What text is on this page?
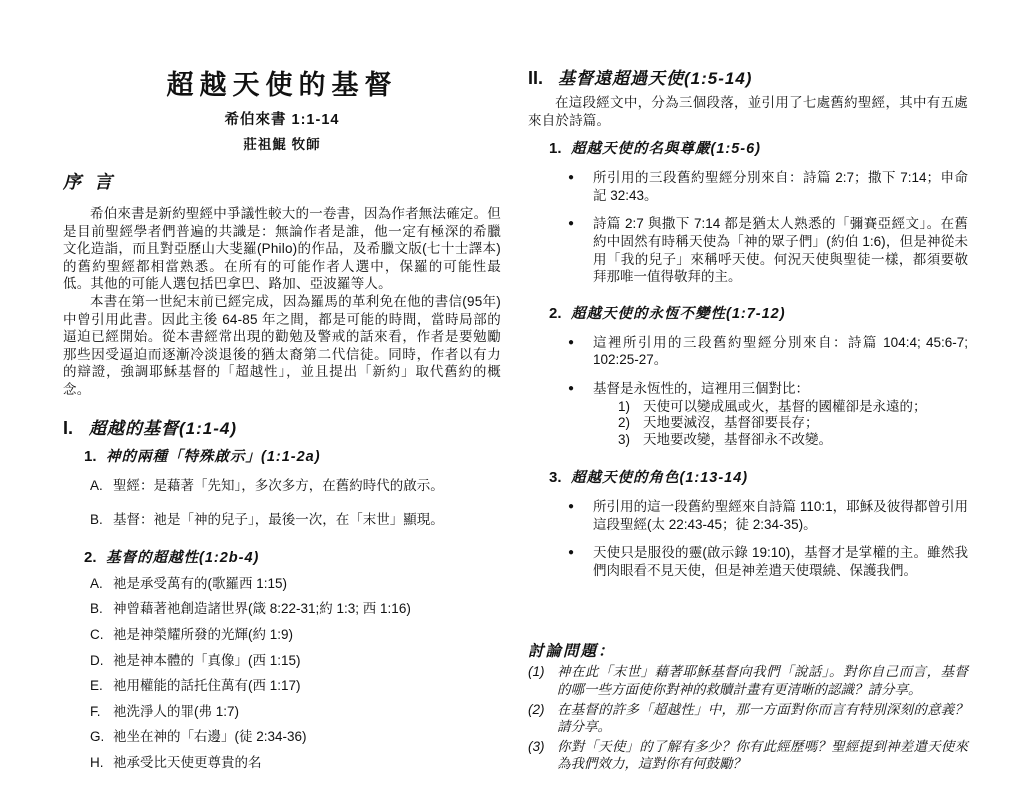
超越天使的基督
希伯來書 1:1-14
莊祖鯤 牧師
序 言

希伯來書是新約聖經中爭議性較大的一卷書，因為作者無法確定。但是目前聖經學者們普遍的共識是：無論作者是誰，他一定有極深的希臘文化造詣，而且對亞歷山大斐羅(Philo)的作品，及希臘文版(七十士譯本)的舊約聖經都相當熟悉。在所有的可能作者人選中，保羅的可能性最低。其他的可能人選包括巴拿巴、路加、亞波羅等人。

本書在第一世紀末前已經完成，因為羅馬的革利免在他的書信(95年)中曾引用此書。因此主後 64-85 年之間，都是可能的時間，當時局部的逼迫已經開始。從本書經常出現的勸勉及警戒的話來看，作者是要勉勵那些因受逼迫而逐漸冷淡退後的猶太裔第二代信徒。同時，作者以有力的辯證，強調耶穌基督的「超越性」，並且提出「新約」取代舊約的概念。

I. 超越的基督(1:1-4)
1. 神的兩種「特殊啟示」(1:1-2a)
A. 聖經：是藉著「先知」，多次多方，在舊約時代的啟示。
B. 基督：祂是「神的兒子」，最後一次，在「末世」顯現。
2. 基督的超越性(1:2b-4)
A. 祂是承受萬有的(歌羅西 1:15)
B. 神曾藉著祂創造諸世界(箴 8:22-31;約 1:3; 西 1:16)
C. 祂是神榮耀所發的光輝(約 1:9)
D. 祂是神本體的「真像」(西 1:15)
E. 祂用權能的話托住萬有(西 1:17)
F. 祂洗淨人的罪(弗 1:7)
G. 祂坐在神的「右邊」(徒 2:34-36)
H. 祂承受比天使更尊貴的名
II. 基督遠超過天使(1:5-14)

在這段經文中，分為三個段落，並引用了七處舊約聖經，其中有五處來自於詩篇。

1. 超越天使的名與尊嚴(1:5-6)
●	所引用的三段舊約聖經分別來自：詩篇 2:7；撒下 7:14；申命記 32:43。
●	詩篇 2:7 與撒下 7:14 都是猶太人熟悉的「彌賽亞經文」。在舊約中固然有時稱天使為「神的眾子們」(約伯 1:6)，但是神從未用「我的兒子」來稱呼天使。何況天使與聖徒一樣，都須要敬拜那唯一值得敬拜的主。
2. 超越天使的永恆不變性(1:7-12)
●	這裡所引用的三段舊約聖經分別來自：詩篇 104:4; 45:6-7; 102:25-27。
●	基督是永恆性的，這裡用三個對比：
1) 天使可以變成風或火，基督的國權卻是永遠的；
2) 天地要滅沒，基督卻要長存；
3) 天地要改變，基督卻永不改變。
3. 超越天使的角色(1:13-14)
●	所引用的這一段舊約聖經來自詩篇 110:1，耶穌及彼得都曾引用這段聖經(太 22:43-45；徒 2:34-35)。
●	天使只是服役的靈(啟示錄 19:10)，基督才是掌權的主。雖然我們肉眼看不見天使，但是神差遣天使環繞、保護我們。
討論問題：
(1) 神在此「末世」藉著耶穌基督向我們「說話」。對你自己而言，基督的哪一些方面使你對神的救贖計畫有更清晰的認識？請分享。
(2) 在基督的許多「超越性」中，那一方面對你而言有特別深刻的意義？請分享。
(3) 你對「天使」的了解有多少？你有此經歷嗎？聖經提到神差遣天使來為我們效力，這對你有何鼓勵？
